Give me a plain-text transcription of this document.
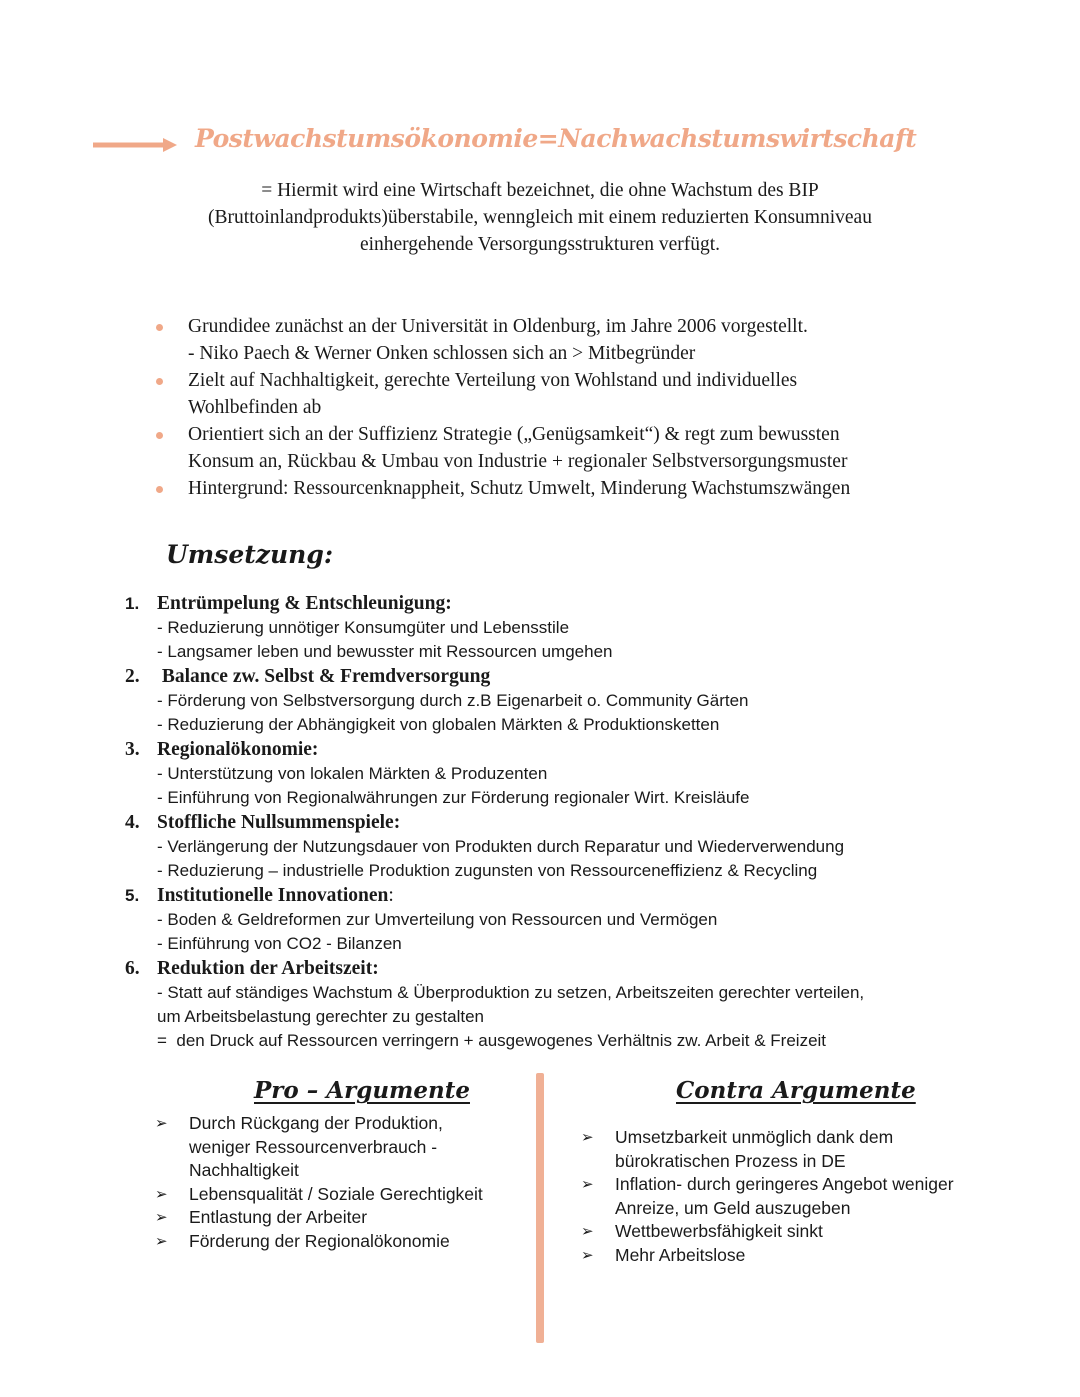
Postwachstumsökonomie=Nachwachstumswirtschaft
= Hiermit wird eine Wirtschaft bezeichnet, die ohne Wachstum des BIP
(Bruttoinlandprodukts)überstabile, wenngleich mit einem reduzierten Konsumniveau
einhergehende Versorgungsstrukturen verfügt.
Grundidee zunächst an der Universität in Oldenburg, im Jahre 2006 vorgestellt.
- Niko Paech & Werner Onken schlossen sich an > Mitbegründer
Zielt auf Nachhaltigkeit, gerechte Verteilung von Wohlstand und individuelles
Wohlbefinden ab
Orientiert sich an der Suffizienz Strategie („Genügsamkeit“) & regt zum bewussten
Konsum an, Rückbau & Umbau von Industrie + regionaler Selbstversorgungsmuster
Hintergrund: Ressourcenknappheit, Schutz Umwelt, Minderung Wachstumszwängen
Umsetzung:
1. Entrümpelung & Entschleunigung:
- Reduzierung unnötiger Konsumgüter und Lebensstile
- Langsamer leben und bewusster mit Ressourcen umgehen
2. Balance zw. Selbst & Fremdversorgung
- Förderung von Selbstversorgung durch z.B Eigenarbeit o. Community Gärten
- Reduzierung der Abhängigkeit von globalen Märkten & Produktionsketten
3. Regionalökonomie:
- Unterstützung von lokalen Märkten & Produzenten
- Einführung von Regionalwährungen zur Förderung regionaler Wirt. Kreisläufe
4. Stoffliche Nullsummenspiele:
- Verlängerung der Nutzungsdauer von Produkten durch Reparatur und Wiederverwendung
- Reduzierung – industrielle Produktion zugunsten von Ressourceneffizienz & Recycling
5. Institutionelle Innovationen:
- Boden & Geldreformen zur Umverteilung von Ressourcen und Vermögen
- Einführung von CO2 - Bilanzen
6. Reduktion der Arbeitszeit:
- Statt auf ständiges Wachstum & Überproduktion zu setzen, Arbeitszeiten gerechter verteilen,
um Arbeitsbelastung gerechter zu gestalten
=  den Druck auf Ressourcen verringern + ausgewogenes Verhältnis zw. Arbeit & Freizeit
Pro – Argumente	Contra Argumente
➢ Durch Rückgang der Produktion,
weniger Ressourcenverbrauch -
Nachhaltigkeit
➢ Lebensqualität / Soziale Gerechtigkeit
➢ Entlastung der Arbeiter
➢ Förderung der Regionalökonomie
➢ Umsetzbarkeit unmöglich dank dem
bürokratischen Prozess in DE
➢ Inflation- durch geringeres Angebot weniger
Anreize, um Geld auszugeben
➢ Wettbewerbsfähigkeit sinkt
➢ Mehr Arbeitslose
